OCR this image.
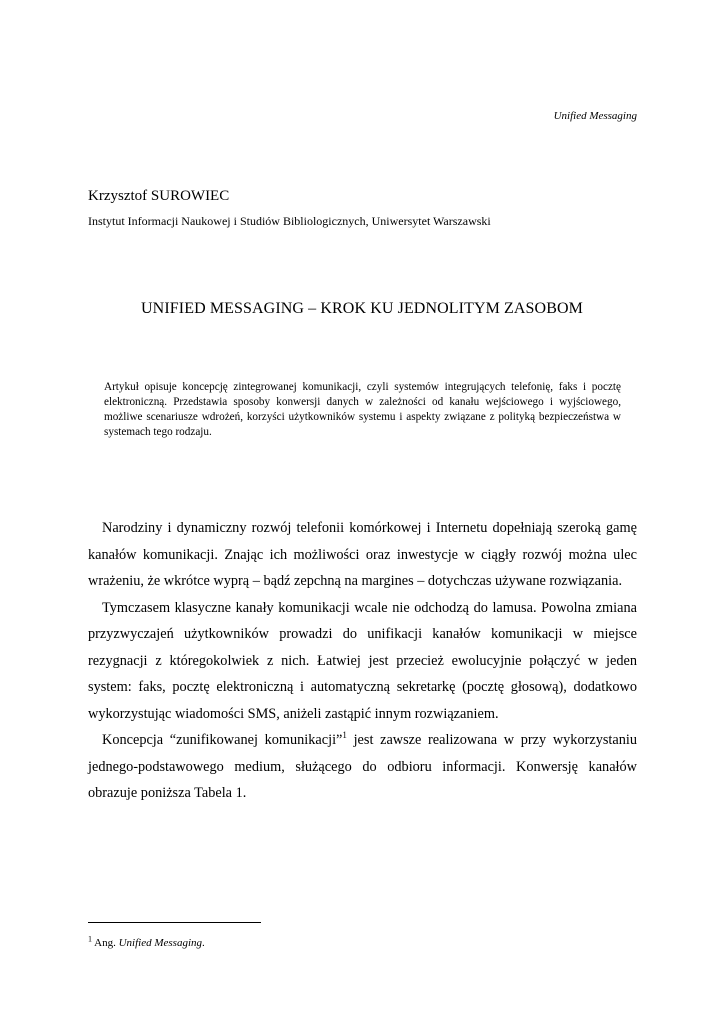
Unified Messaging
Krzysztof SUROWIEC
Instytut Informacji Naukowej i Studiów Bibliologicznych, Uniwersytet Warszawski
UNIFIED MESSAGING – KROK KU JEDNOLITYM ZASOBOM
Artykuł opisuje koncepcję zintegrowanej komunikacji, czyli systemów integrujących telefonię, faks i pocztę elektroniczną. Przedstawia sposoby konwersji danych w zależności od kanału wejściowego i wyjściowego, możliwe scenariusze wdrożeń, korzyści użytkowników systemu i aspekty związane z polityką bezpieczeństwa w systemach tego rodzaju.

Narodziny i dynamiczny rozwój telefonii komórkowej i Internetu dopełniają szeroką gamę kanałów komunikacji. Znając ich możliwości oraz inwestycje w ciągły rozwój można ulec wrażeniu, że wkrótce wyprą – bądź zepchną na margines – dotychczas używane rozwiązania.

Tymczasem klasyczne kanały komunikacji wcale nie odchodzą do lamusa. Powolna zmiana przyzwyczajeń użytkowników prowadzi do unifikacji kanałów komunikacji w miejsce rezygnacji z któregokolwiek z nich. Łatwiej jest przecież ewolucyjnie połączyć w jeden system: faks, pocztę elektroniczną i automatyczną sekretarkę (pocztę głosową), dodatkowo wykorzystując wiadomości SMS, aniżeli zastąpić innym rozwiązaniem.

Koncepcja “zunifikowanej komunikacji”$^1$ jest zawsze realizowana w przy wykorzystaniu jednego-podstawowego medium, służącego do odbioru informacji. Konwersję kanałów obrazuje poniższa Tabela 1.

$^1$ Ang. Unified Messaging.
